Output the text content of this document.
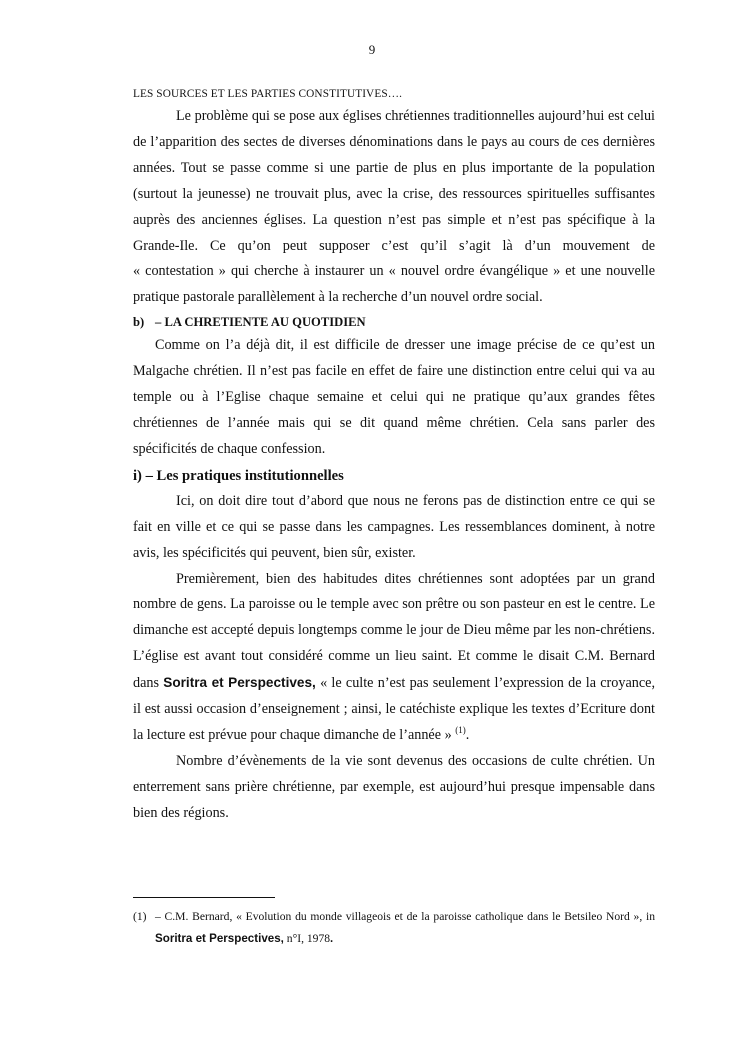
9
LES SOURCES ET LES PARTIES CONSTITUTIVES….

Le problème qui se pose aux églises chrétiennes traditionnelles aujourd’hui est celui de l’apparition des sectes de diverses dénominations dans le pays au cours de ces dernières années. Tout se passe comme si une partie de plus en plus importante de la population (surtout la jeunesse) ne trouvait plus, avec la crise, des ressources spirituelles suffisantes auprès des anciennes églises. La question n’est pas simple et n’est pas spécifique à la Grande-Ile. Ce qu’on peut supposer c’est qu’il s’agit là d’un mouvement de « contestation » qui cherche à instaurer un « nouvel ordre évangélique » et une nouvelle pratique pastorale parallèlement à la recherche d’un nouvel ordre social.

b) – LA CHRETIENTE AU QUOTIDIEN

Comme on l’a déjà dit, il est difficile de dresser une image précise de ce qu’est un Malgache chrétien. Il n’est pas facile en effet de faire une distinction entre celui qui va au temple ou à l’Eglise chaque semaine et celui qui ne pratique qu’aux grandes fêtes chrétiennes de l’année mais qui se dit quand même chrétien. Cela sans parler des spécificités de chaque confession.

i) – Les pratiques institutionnelles

Ici, on doit dire tout d’abord que nous ne ferons pas de distinction entre ce qui se fait en ville et ce qui se passe dans les campagnes. Les ressemblances dominent, à notre avis, les spécificités qui peuvent, bien sûr, exister.

Premièrement, bien des habitudes dites chrétiennes sont adoptées par un grand nombre de gens. La paroisse ou le temple avec son prêtre ou son pasteur en est le centre. Le dimanche est accepté depuis longtemps comme le jour de Dieu même par les non-chrétiens. L’église est avant tout considéré comme un lieu saint. Et comme le disait C.M. Bernard dans Soritra et Perspectives, « le culte n’est pas seulement l’expression de la croyance, il est aussi occasion d’enseignement ; ainsi, le catéchiste explique les textes d’Ecriture dont la lecture est prévue pour chaque dimanche de l’année » $^{(1)}$.

Nombre d’évènements de la vie sont devenus des occasions de culte chrétien. Un enterrement sans prière chrétienne, par exemple, est aujourd’hui presque impensable dans bien des régions.

(1) – C.M. Bernard, « Evolution du monde villageois et de la paroisse catholique dans le Betsileo Nord », in Soritra et Perspectives, n°I, 1978.
